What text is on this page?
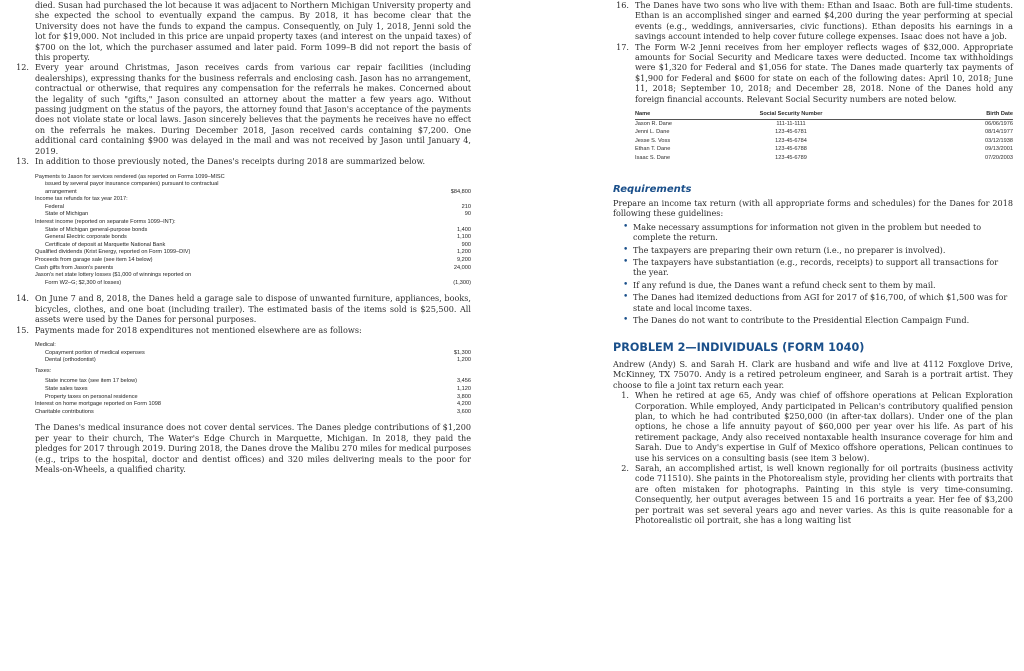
died. Susan had purchased the lot because it was adjacent to Northern Michigan University property and she expected the school to eventually expand the campus. By 2018, it has become clear that the University does not have the funds to expand the campus. Consequently, on July 1, 2018, Jenni sold the lot for $19,000. Not included in this price are unpaid property taxes (and interest on the unpaid taxes) of $700 on the lot, which the purchaser assumed and later paid. Form 1099–B did not report the basis of this property.

12. Every year around Christmas, Jason receives cards from various car repair facilities (including dealerships), expressing thanks for the business referrals and enclosing cash. Jason has no arrangement, contractual or otherwise, that requires any compensation for the referrals he makes. Concerned about the legality of such "gifts," Jason consulted an attorney about the matter a few years ago. Without passing judgment on the status of the payors, the attorney found that Jason's acceptance of the payments does not violate state or local laws. Jason sincerely believes that the payments he receives have no effect on the referrals he makes. During December 2018, Jason received cards containing $7,200. One additional card containing $900 was delayed in the mail and was not received by Jason until January 4, 2019.
13. In addition to those previously noted, the Danes's receipts during 2018 are summarized below.
Payments to Jason for services rendered (as reported on Forms 1099–MISC
issued by several payor insurance companies) pursuant to contractual
arrangement	$84,800
Income tax refunds for tax year 2017:
Federal	210
State of Michigan	90
Interest income (reported on separate Forms 1099–INT):
State of Michigan general-purpose bonds	1,400
General Electric corporate bonds	1,100
Certificate of deposit at Marquette National Bank	900
Qualified dividends (Krist Energy, reported on Form 1099–DIV)	1,200
Proceeds from garage sale (see item 14 below)	9,200
Cash gifts from Jason's parents	24,000
Jason's net state lottery losses ($1,000 of winnings reported on
Form W2–G; $2,300 of losses)	(1,300)
14. On June 7 and 8, 2018, the Danes held a garage sale to dispose of unwanted furniture, appliances, books, bicycles, clothes, and one boat (including trailer). The estimated basis of the items sold is $25,500. All assets were used by the Danes for personal purposes.
15. Payments made for 2018 expenditures not mentioned elsewhere are as follows:
Medical:
Copayment portion of medical expenses	$1,300
Dental (orthodontist)	1,200
Taxes:
State income tax (see item 17 below)	3,456
State sales taxes	1,120
Property taxes on personal residence	3,800
Interest on home mortgage reported on Form 1098	4,200
Charitable contributions	3,600

The Danes's medical insurance does not cover dental services. The Danes pledge contributions of $1,200 per year to their church, The Water's Edge Church in Marquette, Michigan. In 2018, they paid the pledges for 2017 through 2019. During 2018, the Danes drove the Malibu 270 miles for medical purposes (e.g., trips to the hospital, doctor and dentist offices) and 320 miles delivering meals to the poor for Meals-on-Wheels, a qualified charity.

16. The Danes have two sons who live with them: Ethan and Isaac. Both are full-time students. Ethan is an accomplished singer and earned $4,200 during the year performing at special events (e.g., weddings, anniversaries, civic functions). Ethan deposits his earnings in a savings account intended to help cover future college expenses. Isaac does not have a job.
17. The Form W-2 Jenni receives from her employer reflects wages of $32,000. Appropriate amounts for Social Security and Medicare taxes were deducted. Income tax withholdings were $1,320 for Federal and $1,056 for state. The Danes made quarterly tax payments of $1,900 for Federal and $600 for state on each of the following dates: April 10, 2018; June 11, 2018; September 10, 2018; and December 28, 2018. None of the Danes hold any foreign financial accounts. Relevant Social Security numbers are noted below.
Name	Social Security Number	Birth Date
Jason R. Dane	111-11-1111	06/06/1976
Jenni L. Dane	123-45-6781	08/14/1977
Jesse S. Voss	123-45-6784	03/12/1938
Ethan T. Dane	123-45-6788	09/13/2001
Isaac S. Dane	123-45-6789	07/20/2003
Requirements

Prepare an income tax return (with all appropriate forms and schedules) for the Danes for 2018 following these guidelines:

• Make necessary assumptions for information not given in the problem but needed to complete the return.
• The taxpayers are preparing their own return (i.e., no preparer is involved).
• The taxpayers have substantiation (e.g., records, receipts) to support all transactions for the year.
• If any refund is due, the Danes want a refund check sent to them by mail.
• The Danes had itemized deductions from AGI for 2017 of $16,700, of which $1,500 was for state and local income taxes.
• The Danes do not want to contribute to the Presidential Election Campaign Fund.
PROBLEM 2—INDIVIDUALS (FORM 1040)

Andrew (Andy) S. and Sarah H. Clark are husband and wife and live at 4112 Foxglove Drive, McKinney, TX 75070. Andy is a retired petroleum engineer, and Sarah is a portrait artist. They choose to file a joint tax return each year.

1. When he retired at age 65, Andy was chief of offshore operations at Pelican Exploration Corporation. While employed, Andy participated in Pelican's contributory qualified pension plan, to which he had contributed $250,000 (in after-tax dollars). Under one of the plan options, he chose a life annuity payout of $60,000 per year over his life. As part of his retirement package, Andy also received nontaxable health insurance coverage for him and Sarah. Due to Andy's expertise in Gulf of Mexico offshore operations, Pelican continues to use his services on a consulting basis (see item 3 below).
2. Sarah, an accomplished artist, is well known regionally for oil portraits (business activity code 711510). She paints in the Photorealism style, providing her clients with portraits that are often mistaken for photographs. Painting in this style is very time-consuming. Consequently, her output averages between 15 and 16 portraits a year. Her fee of $3,200 per portrait was set several years ago and never varies. As this is quite reasonable for a Photorealistic oil portrait, she has a long waiting list
